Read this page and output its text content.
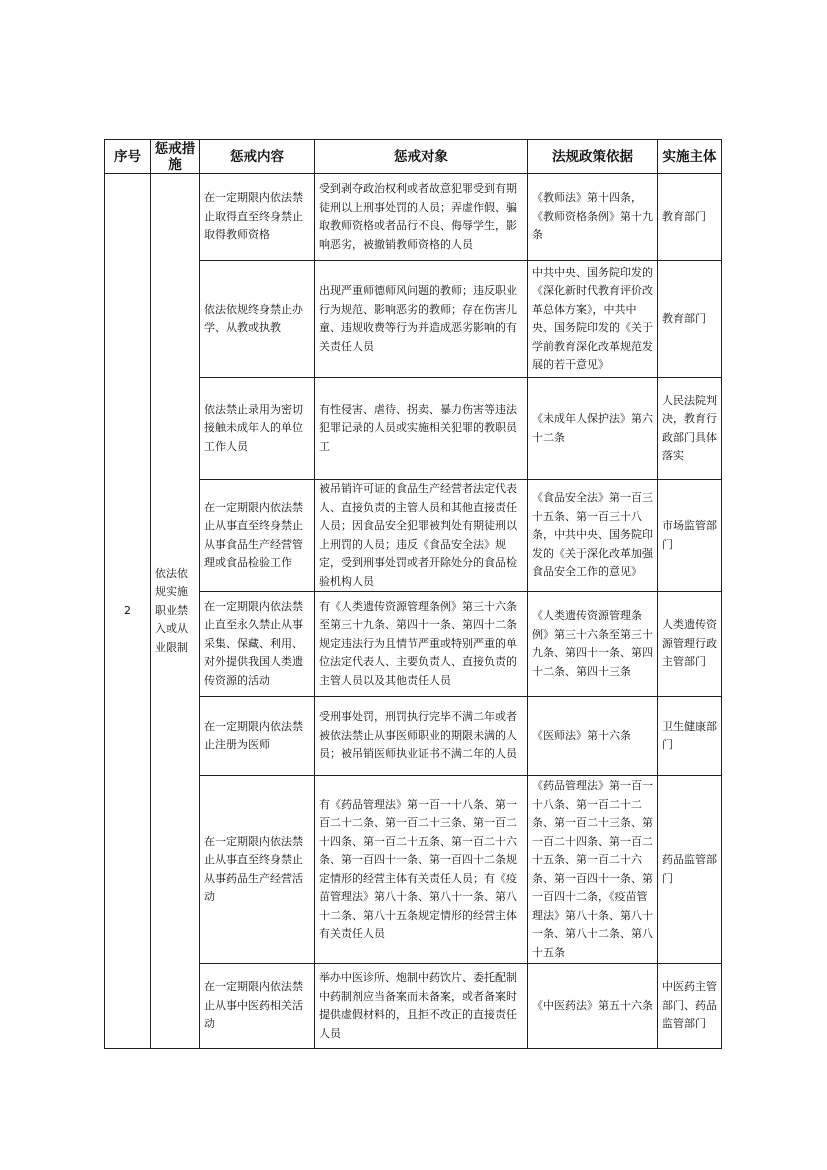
序号	惩戒措施	惩戒内容	惩戒对象	法规政策依据	实施主体
2	依法依规实施职业禁入或从业限制	在一定期限内依法禁止取得直至终身禁止取得教师资格	受到剥夺政治权利或者故意犯罪受到有期徒刑以上刑事处罚的人员；弄虚作假、骗取教师资格或者品行不良、侮辱学生，影响恶劣，被撤销教师资格的人员	《教师法》第十四条，《教师资格条例》第十九条	教育部门
		依法依规终身禁止办学、从教或执教	出现严重师德师风问题的教师；违反职业行为规范、影响恶劣的教师；存在伤害儿童、违规收费等行为并造成恶劣影响的有关责任人员	中共中央、国务院印发的《深化新时代教育评价改革总体方案》，中共中央、国务院印发的《关于学前教育深化改革规范发展的若干意见》	教育部门
		依法禁止录用为密切接触未成年人的单位工作人员	有性侵害、虐待、拐卖、暴力伤害等违法犯罪记录的人员或实施相关犯罪的教职员工	《未成年人保护法》第六十二条	人民法院判决，教育行政部门具体落实
		在一定期限内依法禁止从事直至终身禁止从事食品生产经营管理或食品检验工作	被吊销许可证的食品生产经营者法定代表人、直接负责的主管人员和其他直接责任人员；因食品安全犯罪被判处有期徒刑以上刑罚的人员；违反《食品安全法》规定，受到刑事处罚或者开除处分的食品检验机构人员	《食品安全法》第一百三十五条、第一百三十八条，中共中央、国务院印发的《关于深化改革加强食品安全工作的意见》	市场监管部门
		在一定期限内依法禁止直至永久禁止从事采集、保藏、利用、对外提供我国人类遗传资源的活动	有《人类遗传资源管理条例》第三十六条至第三十九条、第四十一条、第四十二条规定违法行为且情节严重或特别严重的单位法定代表人、主要负责人、直接负责的主管人员以及其他责任人员	《人类遗传资源管理条例》第三十六条至第三十九条、第四十一条、第四十二条、第四十三条	人类遗传资源管理行政主管部门
		在一定期限内依法禁止注册为医师	受刑事处罚，刑罚执行完毕不满二年或者被依法禁止从事医师职业的期限未满的人员；被吊销医师执业证书不满二年的人员	《医师法》第十六条	卫生健康部门
		在一定期限内依法禁止从事直至终身禁止从事药品生产经营活动	有《药品管理法》第一百一十八条、第一百二十二条、第一百二十三条、第一百二十四条、第一百二十五条、第一百二十六条、第一百四十一条、第一百四十二条规定情形的经营主体有关责任人员；有《疫苗管理法》第八十条、第八十一条、第八十二条、第八十五条规定情形的经营主体有关责任人员	《药品管理法》第一百一十八条、第一百二十二条、第一百二十三条、第一百二十四条、第一百二十五条、第一百二十六条、第一百四十一条、第一百四十二条，《疫苗管理法》第八十条、第八十一条、第八十二条、第八十五条	药品监管部门
		在一定期限内依法禁止从事中医药相关活动	举办中医诊所、炮制中药饮片、委托配制中药制剂应当备案而未备案，或者备案时提供虚假材料的，且拒不改正的直接责任人员	《中医药法》第五十六条	中医药主管部门、药品监管部门
